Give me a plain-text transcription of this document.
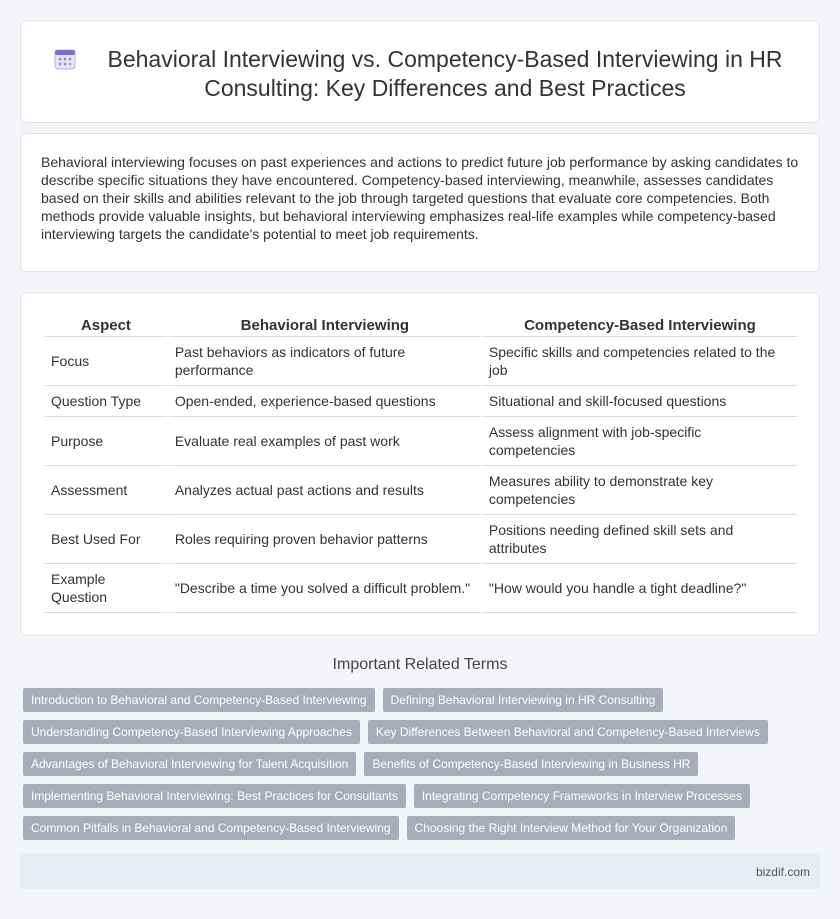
Behavioral Interviewing vs. Competency-Based Interviewing in HR Consulting: Key Differences and Best Practices

Behavioral interviewing focuses on past experiences and actions to predict future job performance by asking candidates to describe specific situations they have encountered. Competency-based interviewing, meanwhile, assesses candidates based on their skills and abilities relevant to the job through targeted questions that evaluate core competencies. Both methods provide valuable insights, but behavioral interviewing emphasizes real-life examples while competency-based interviewing targets the candidate's potential to meet job requirements.

Aspect	Behavioral Interviewing	Competency-Based Interviewing
Focus	Past behaviors as indicators of future performance	Specific skills and competencies related to the job
Question Type	Open-ended, experience-based questions	Situational and skill-focused questions
Purpose	Evaluate real examples of past work	Assess alignment with job-specific competencies
Assessment	Analyzes actual past actions and results	Measures ability to demonstrate key competencies
Best Used For	Roles requiring proven behavior patterns	Positions needing defined skill sets and attributes
Example Question	"Describe a time you solved a difficult problem."	"How would you handle a tight deadline?"
Important Related Terms
Introduction to Behavioral and Competency-Based Interviewing	Defining Behavioral Interviewing in HR Consulting
Understanding Competency-Based Interviewing Approaches	Key Differences Between Behavioral and Competency-Based Interviews
Advantages of Behavioral Interviewing for Talent Acquisition	Benefits of Competency-Based Interviewing in Business HR
Implementing Behavioral Interviewing: Best Practices for Consultants	Integrating Competency Frameworks in Interview Processes
Common Pitfalls in Behavioral and Competency-Based Interviewing	Choosing the Right Interview Method for Your Organization
bizdif.com
